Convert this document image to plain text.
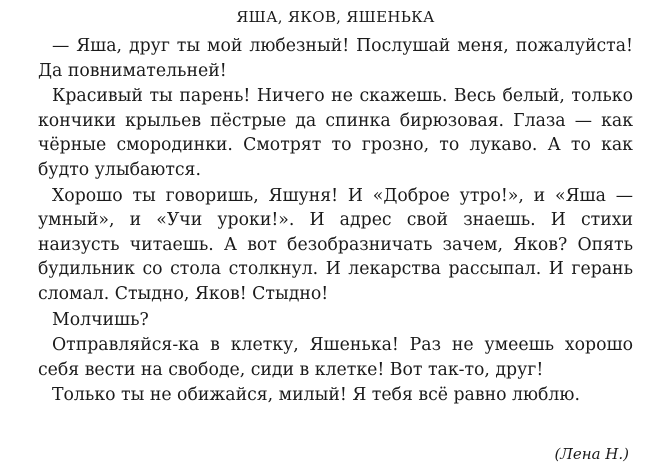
ЯША, ЯКОВ, ЯШЕНЬКА

— Яша, друг ты мой любезный! Послушай меня, пожалуйста! Да повнимательней!

Красивый ты парень! Ничего не скажешь. Весь белый, только кончики крыльев пёстрые да спинка бирюзовая. Глаза — как чёрные смородинки. Смотрят то грозно, то лукаво. А то как будто улыбаются.

Хорошо ты говоришь, Яшуня! И «Доброе утро!», и «Яша — умный», и «Учи уроки!». И адрес свой знаешь. И стихи наизусть читаешь. А вот безобразничать зачем, Яков? Опять будильник со стола столкнул. И лекарства рассыпал. И герань сломал. Стыдно, Яков! Стыдно!

Молчишь?

Отправляйся-ка в клетку, Яшенька! Раз не умеешь хорошо себя вести на свободе, сиди в клетке! Вот так-то, друг!

Только ты не обижайся, милый! Я тебя всё равно люблю.

(Лена Н.)
